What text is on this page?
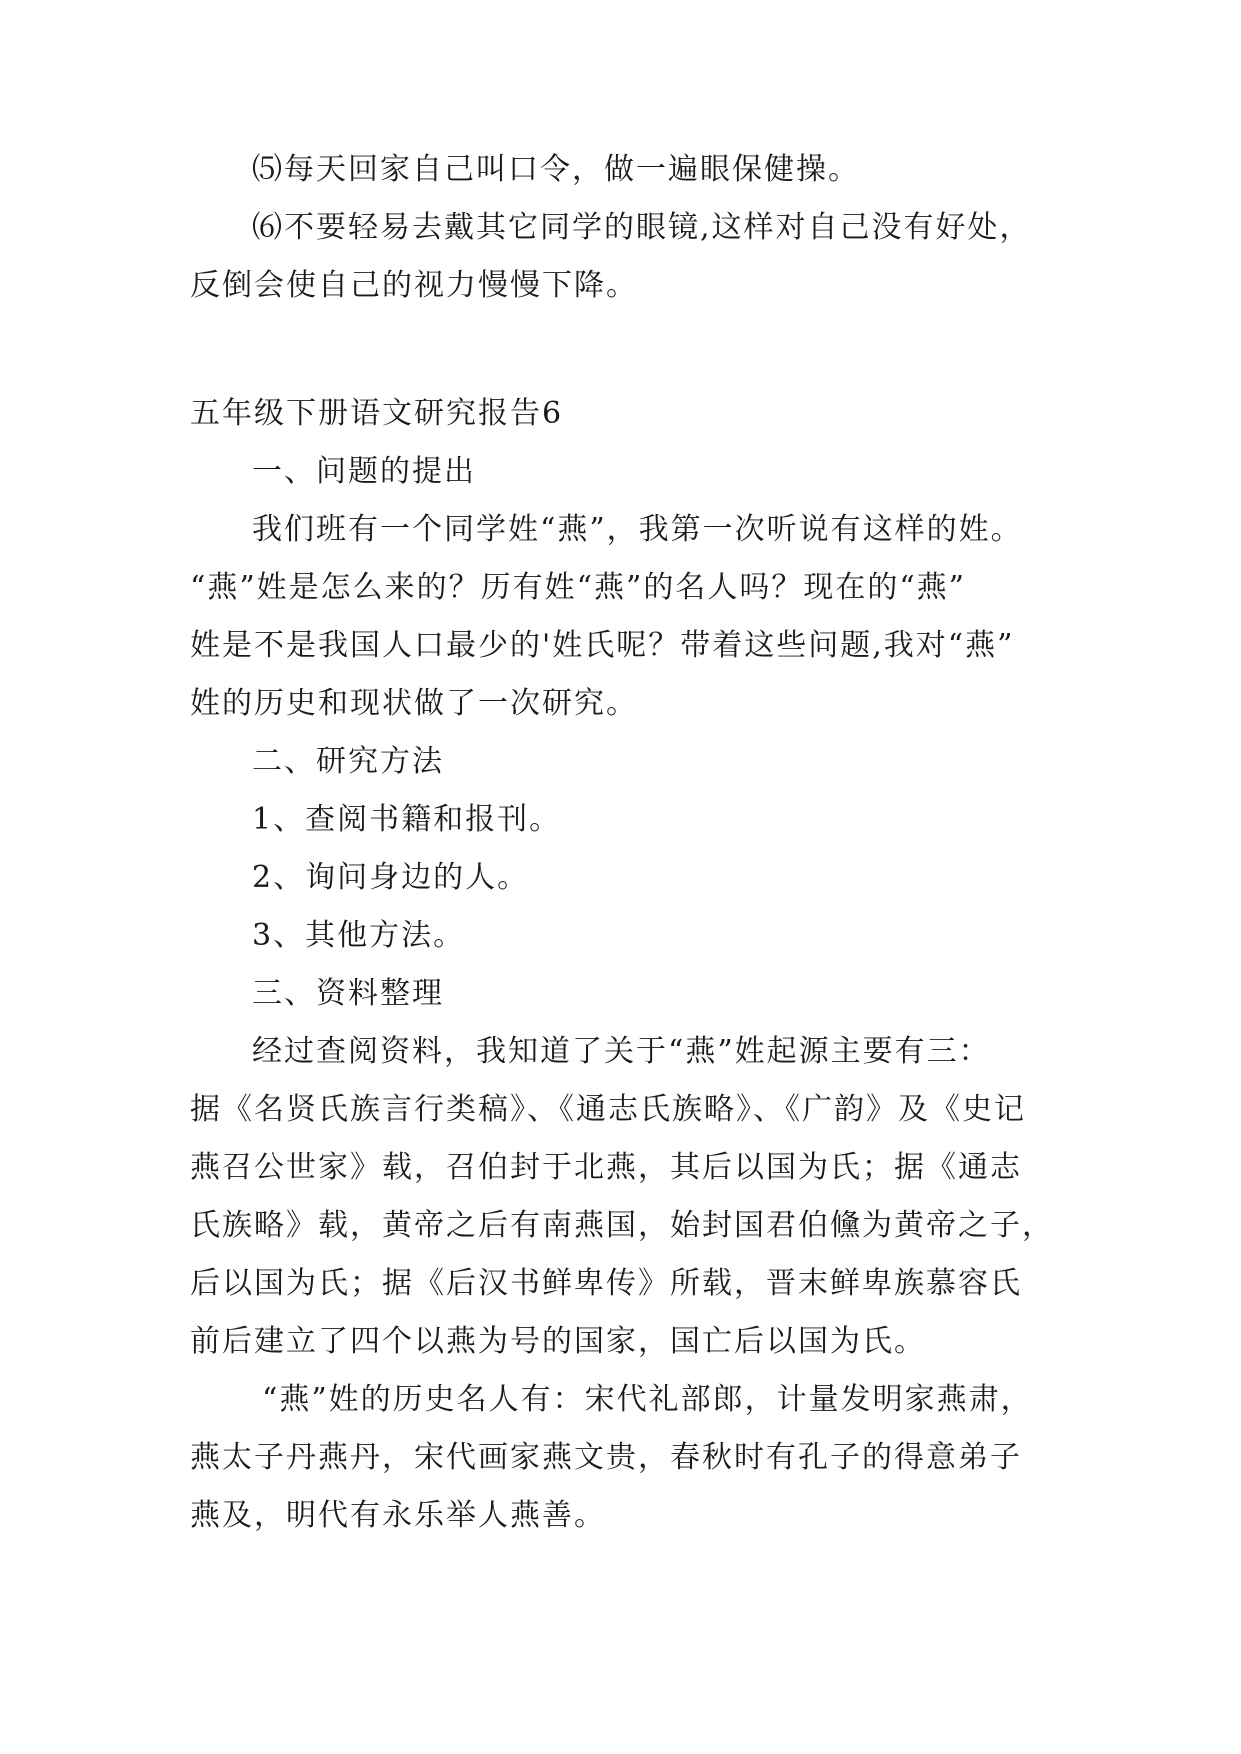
⑸每天回家自己叫口令，做一遍眼保健操。
⑹不要轻易去戴其它同学的眼镜,这样对自己没有好处，
反倒会使自己的视力慢慢下降。
五年级下册语文研究报告6
一、问题的提出
我们班有一个同学姓“燕”，我第一次听说有这样的姓。
“燕”姓是怎么来的？历有姓“燕”的名人吗？现在的“燕”
姓是不是我国人口最少的'姓氏呢？带着这些问题,我对“燕”
姓的历史和现状做了一次研究。
二、研究方法
1、查阅书籍和报刊。
2、询问身边的人。
3、其他方法。
三、资料整理
经过查阅资料，我知道了关于“燕”姓起源主要有三：
据《名贤氏族言行类稿》、《通志氏族略》、《广韵》及《史记
燕召公世家》载，召伯封于北燕，其后以国为氏；据《通志
氏族略》载，黄帝之后有南燕国，始封国君伯儵为黄帝之子，
后以国为氏；据《后汉书鲜卑传》所载，晋末鲜卑族慕容氏
前后建立了四个以燕为号的国家，国亡后以国为氏。
“燕”姓的历史名人有：宋代礼部郎，计量发明家燕肃，
燕太子丹燕丹，宋代画家燕文贵，春秋时有孔子的得意弟子
燕及，明代有永乐举人燕善。
